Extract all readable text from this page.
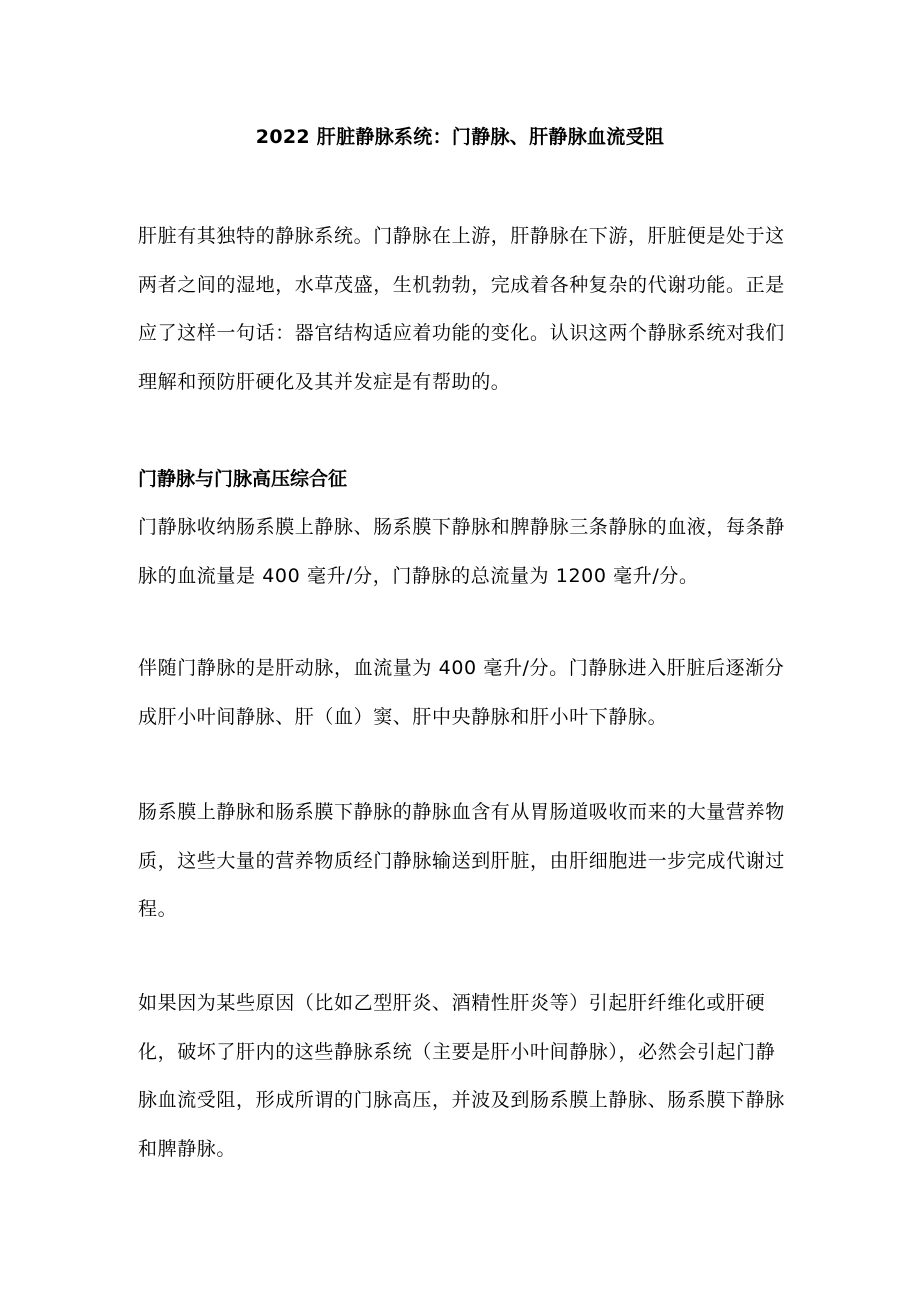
2022 肝脏静脉系统：门静脉、肝静脉血流受阻

肝脏有其独特的静脉系统。门静脉在上游，肝静脉在下游，肝脏便是处于这两者之间的湿地，水草茂盛，生机勃勃，完成着各种复杂的代谢功能。正是应了这样一句话：器官结构适应着功能的变化。认识这两个静脉系统对我们理解和预防肝硬化及其并发症是有帮助的。

门静脉与门脉高压综合征

门静脉收纳肠系膜上静脉、肠系膜下静脉和脾静脉三条静脉的血液，每条静脉的血流量是 400 毫升/分，门静脉的总流量为 1200 毫升/分。

伴随门静脉的是肝动脉，血流量为 400 毫升/分。门静脉进入肝脏后逐渐分成肝小叶间静脉、肝（血）窦、肝中央静脉和肝小叶下静脉。

肠系膜上静脉和肠系膜下静脉的静脉血含有从胃肠道吸收而来的大量营养物质，这些大量的营养物质经门静脉输送到肝脏，由肝细胞进一步完成代谢过程。

如果因为某些原因（比如乙型肝炎、酒精性肝炎等）引起肝纤维化或肝硬化，破坏了肝内的这些静脉系统（主要是肝小叶间静脉），必然会引起门静脉血流受阻，形成所谓的门脉高压，并波及到肠系膜上静脉、肠系膜下静脉和脾静脉。
